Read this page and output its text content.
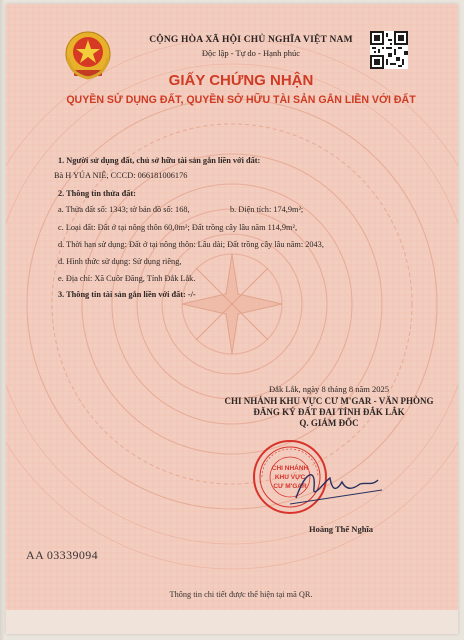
CỘNG HÒA XÃ HỘI CHỦ NGHĨA VIỆT NAM
Độc lập - Tự do - Hạnh phúc
GIẤY CHỨNG NHẬN
QUYỀN SỬ DỤNG ĐẤT, QUYỀN SỞ HỮU TÀI SẢN GẮN LIỀN VỚI ĐẤT
1. Người sử dụng đất, chủ sở hữu tài sản gắn liền với đất:
Bà H YÚA NIÊ, CCCD: 066181006176
2. Thông tin thửa đất:
a. Thửa đất số: 1343; tờ bản đồ số: 168,	b. Diện tích: 174,9m²;
c. Loại đất: Đất ở tại nông thôn 60,0m²; Đất trồng cây lâu năm 114,9m²,
d. Thời hạn sử dụng: Đất ở tại nông thôn: Lâu dài; Đất trồng cây lâu năm: 2043,
đ. Hình thức sử dụng: Sử dụng riêng,
e. Địa chỉ: Xã Cuôr Đăng, Tỉnh Đắk Lắk.
3. Thông tin tài sản gắn liền với đất: -/-
Đắk Lắk, ngày 8 tháng 8 năm 2025
CHI NHÁNH KHU VỰC CƯ M'GAR - VĂN PHÒNG
ĐĂNG KÝ ĐẤT ĐAI TỈNH ĐẮK LẮK
Q. GIÁM ĐỐC
CHI NHÁNH
KHU VỰC
CƯ M'GAR
Hoàng Thế Nghĩa
AA 03339094
Thông tin chi tiết được thể hiện tại mã QR.
